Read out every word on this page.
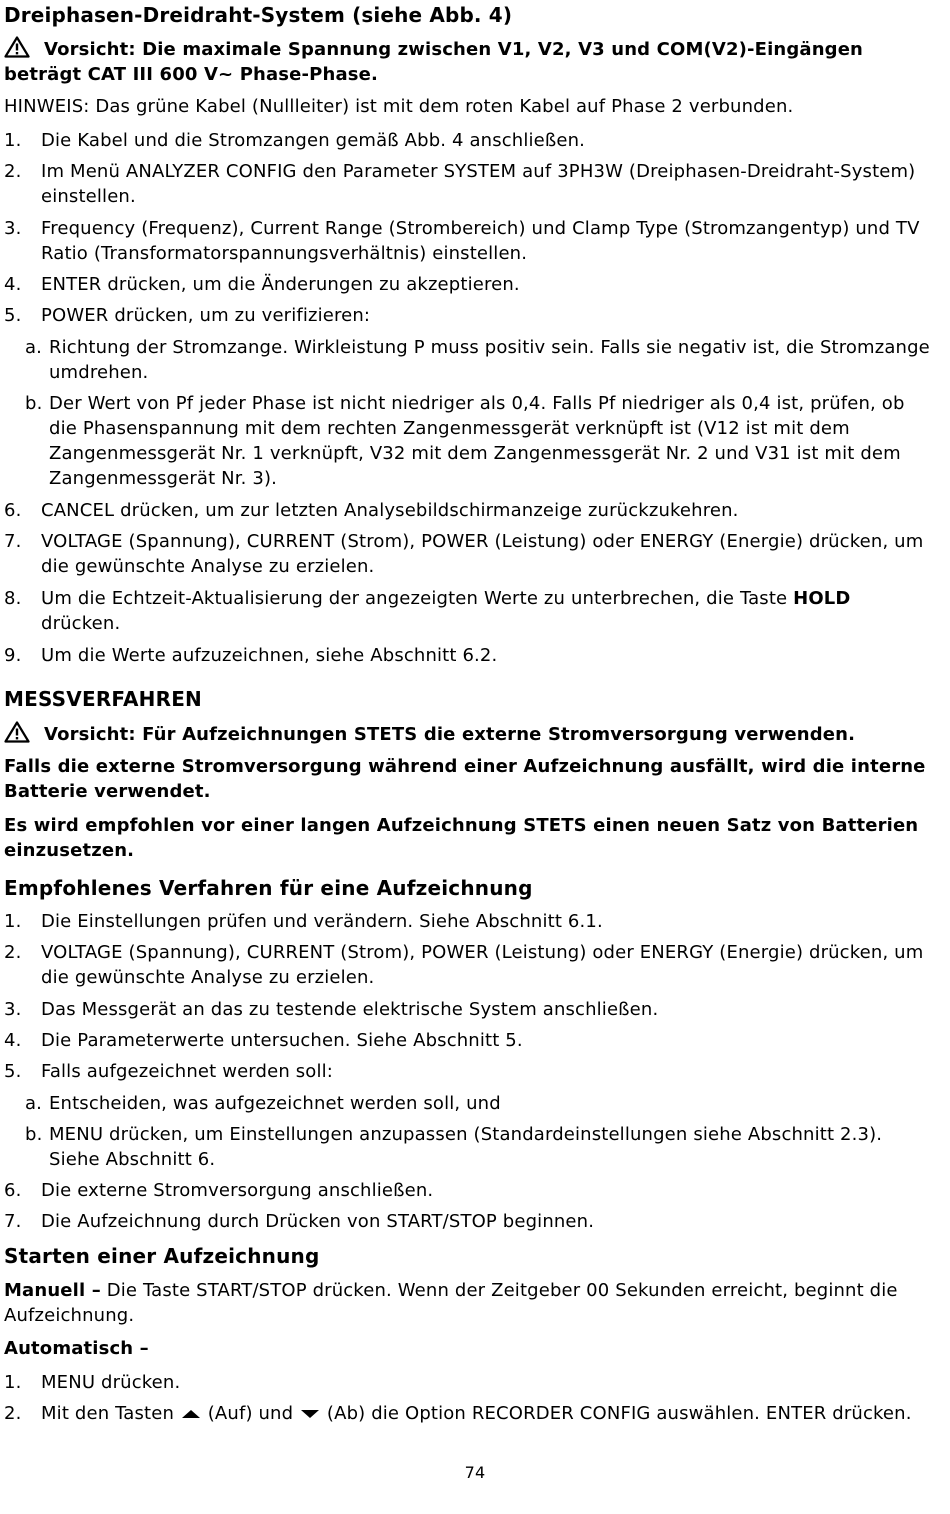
Dreiphasen-Dreidraht-System (siehe Abb. 4)
Vorsicht: Die maximale Spannung zwischen V1, V2, V3 und COM(V2)-Eingängen beträgt CAT III 600 V~ Phase-Phase.
HINWEIS: Das grüne Kabel (Nullleiter) ist mit dem roten Kabel auf Phase 2 verbunden.
1.	Die Kabel und die Stromzangen gemäß Abb. 4 anschließen.
2.	Im Menü ANALYZER CONFIG den Parameter SYSTEM auf 3PH3W (Dreiphasen-Dreidraht-System) einstellen.
3.	Frequency (Frequenz), Current Range (Strombereich) und Clamp Type (Stromzangentyp) und TV Ratio (Transformatorspannungsverhältnis) einstellen.
4.	ENTER drücken, um die Änderungen zu akzeptieren.
5.	POWER drücken, um zu verifizieren:
a. Richtung der Stromzange. Wirkleistung P muss positiv sein. Falls sie negativ ist, die Stromzange umdrehen.
b. Der Wert von Pf jeder Phase ist nicht niedriger als 0,4. Falls Pf niedriger als 0,4 ist, prüfen, ob die Phasenspannung mit dem rechten Zangenmessgerät verknüpft ist (V12 ist mit dem Zangenmessgerät Nr. 1 verknüpft, V32 mit dem Zangenmessgerät Nr. 2 und V31 ist mit dem Zangenmessgerät Nr. 3).
6.	CANCEL drücken, um zur letzten Analysebildschirmanzeige zurückzukehren.
7.	VOLTAGE (Spannung), CURRENT (Strom), POWER (Leistung) oder ENERGY (Energie) drücken, um die gewünschte Analyse zu erzielen.
8.	Um die Echtzeit-Aktualisierung der angezeigten Werte zu unterbrechen, die Taste HOLD drücken.
9.	Um die Werte aufzuzeichnen, siehe Abschnitt 6.2.
MESSVERFAHREN
Vorsicht: Für Aufzeichnungen STETS die externe Stromversorgung verwenden.
Falls die externe Stromversorgung während einer Aufzeichnung ausfällt, wird die interne Batterie verwendet.
Es wird empfohlen vor einer langen Aufzeichnung STETS einen neuen Satz von Batterien einzusetzen.
Empfohlenes Verfahren für eine Aufzeichnung
1.	Die Einstellungen prüfen und verändern. Siehe Abschnitt 6.1.
2.	VOLTAGE (Spannung), CURRENT (Strom), POWER (Leistung) oder ENERGY (Energie) drücken, um die gewünschte Analyse zu erzielen.
3.	Das Messgerät an das zu testende elektrische System anschließen.
4.	Die Parameterwerte untersuchen. Siehe Abschnitt 5.
5.	Falls aufgezeichnet werden soll:
a. Entscheiden, was aufgezeichnet werden soll, und
b. MENU drücken, um Einstellungen anzupassen (Standardeinstellungen siehe Abschnitt 2.3). Siehe Abschnitt 6.
6.	Die externe Stromversorgung anschließen.
7.	Die Aufzeichnung durch Drücken von START/STOP beginnen.
Starten einer Aufzeichnung
Manuell – Die Taste START/STOP drücken. Wenn der Zeitgeber 00 Sekunden erreicht, beginnt die Aufzeichnung.
Automatisch –
1.	MENU drücken.
2.	Mit den Tasten  (Auf) und  (Ab) die Option RECORDER CONFIG auswählen. ENTER drücken.
74
